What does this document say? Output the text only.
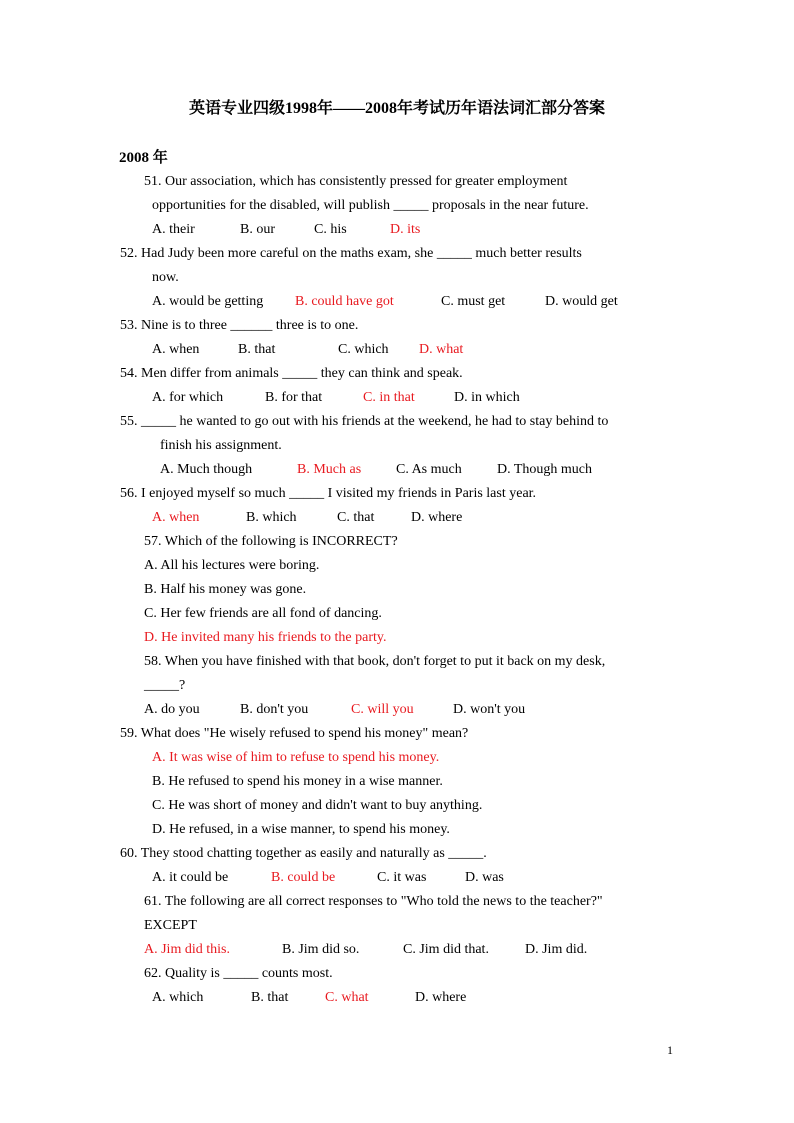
英语专业四级1998年——2008年考试历年语法词汇部分答案
2008 年
51. Our association, which has consistently pressed for greater employment
opportunities for the disabled, will publish _____ proposals in the near future.
A. their	B. our	C. his	D. its
52. Had Judy been more careful on the maths exam, she _____ much better results
now.
A. would be getting B. could have got	C. must get	D. would get
53. Nine is to three ______ three is to one.
A. when	B. that	C. which D. what
54. Men differ from animals _____ they can think and speak.
A. for which	B. for that	C. in that	D. in which
55. _____ he wanted to go out with his friends at the weekend, he had to stay behind to
finish his assignment.
A. Much though	B. Much as C. As much	D. Though much
56. I enjoyed myself so much _____ I visited my friends in Paris last year.
A. when	B. which	C. that	D. where
57. Which of the following is INCORRECT?
A. All his lectures were boring.
B. Half his money was gone.
C. Her few friends are all fond of dancing.
D. He invited many his friends to the party.
58. When you have finished with that book, don't forget to put it back on my desk,
_____?
A. do you	B. don't you	C. will you	D. won't you
59. What does "He wisely refused to spend his money" mean?
A. It was wise of him to refuse to spend his money.
B. He refused to spend his money in a wise manner.
C. He was short of money and didn't want to buy anything.
D. He refused, in a wise manner, to spend his money.
60. They stood chatting together as easily and naturally as _____.
A. it could be	B. could be	C. it was	D. was
61. The following are all correct responses to "Who told the news to the teacher?"
EXCEPT
A. Jim did this.	B. Jim did so.	C. Jim did that.	D. Jim did.
62. Quality is _____ counts most.
A. which	B. that	C. what	D. where
1
